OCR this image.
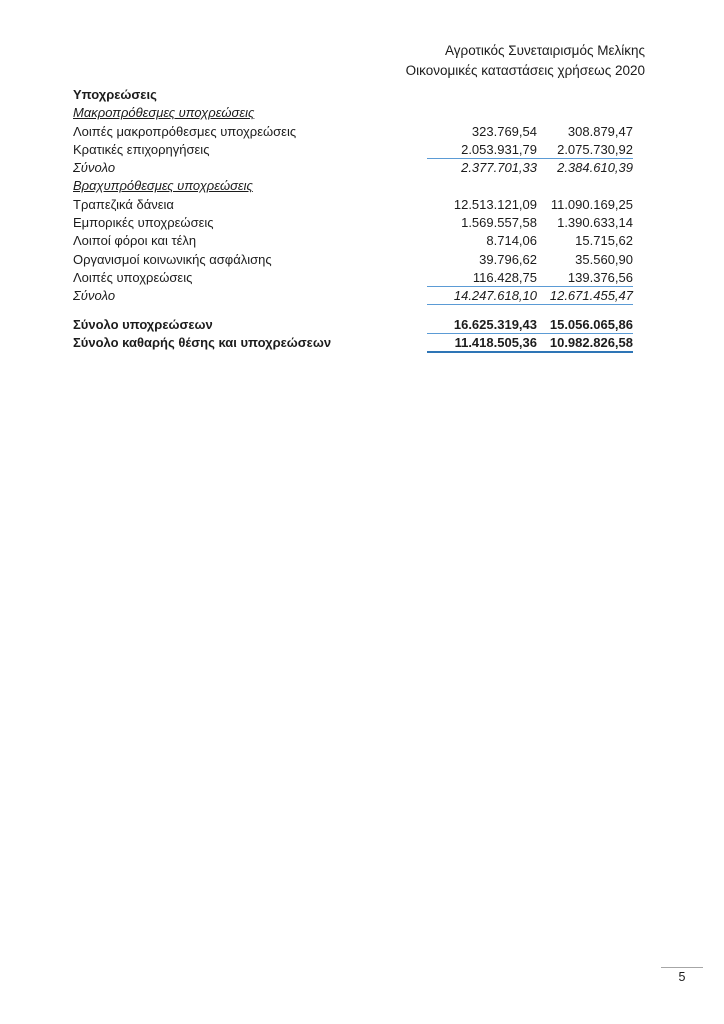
Αγροτικός Συνεταιρισμός Μελίκης
Οικονομικές καταστάσεις χρήσεως 2020
Υποχρεώσεις
Μακροπρόθεσμες υποχρεώσεις
Λοιπές μακροπρόθεσμες υποχρεώσεις	323.769,54	308.879,47
Κρατικές επιχορηγήσεις	2.053.931,79	2.075.730,92
Σύνολο	2.377.701,33	2.384.610,39
Βραχυπρόθεσμες υποχρεώσεις
Τραπεζικά δάνεια	12.513.121,09	11.090.169,25
Εμπορικές υποχρεώσεις	1.569.557,58	1.390.633,14
Λοιποί φόροι και τέλη	8.714,06	15.715,62
Οργανισμοί κοινωνικής ασφάλισης	39.796,62	35.560,90
Λοιπές υποχρεώσεις	116.428,75	139.376,56
Σύνολο	14.247.618,10 12.671.455,47
Σύνολο υποχρεώσεων	16.625.319,43 15.056.065,86
Σύνολο καθαρής θέσης και υποχρεώσεων	11.418.505,36 10.982.826,58
5
